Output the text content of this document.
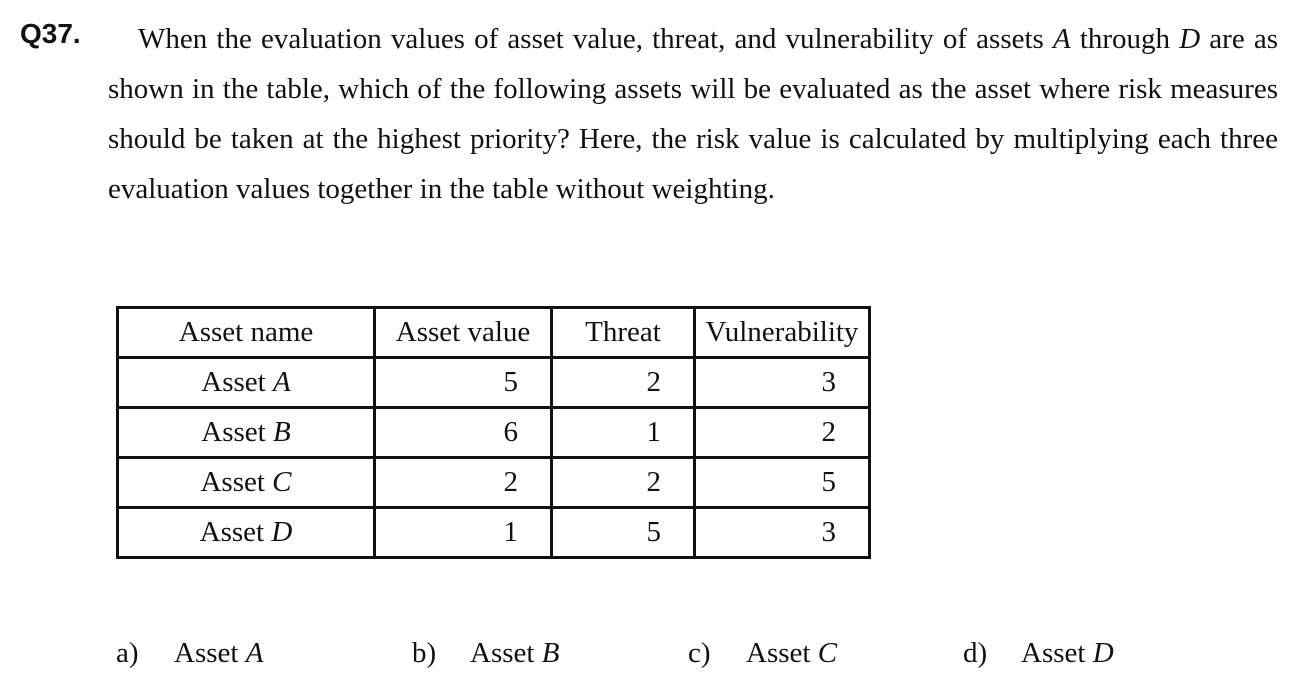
Q37.	When the evaluation values of asset value, threat, and vulnerability of assets A through D are as shown in the table, which of the following assets will be evaluated as the asset where risk measures should be taken at the highest priority? Here, the risk value is calculated by multiplying each three evaluation values together in the table without weighting.
Asset name	Asset value	Threat	Vulnerability
Asset A	5	2	3
Asset B	6	1	2
Asset C	2	2	5
Asset D	1	5	3
a) Asset A	b) Asset B	c) Asset C	d) Asset D
